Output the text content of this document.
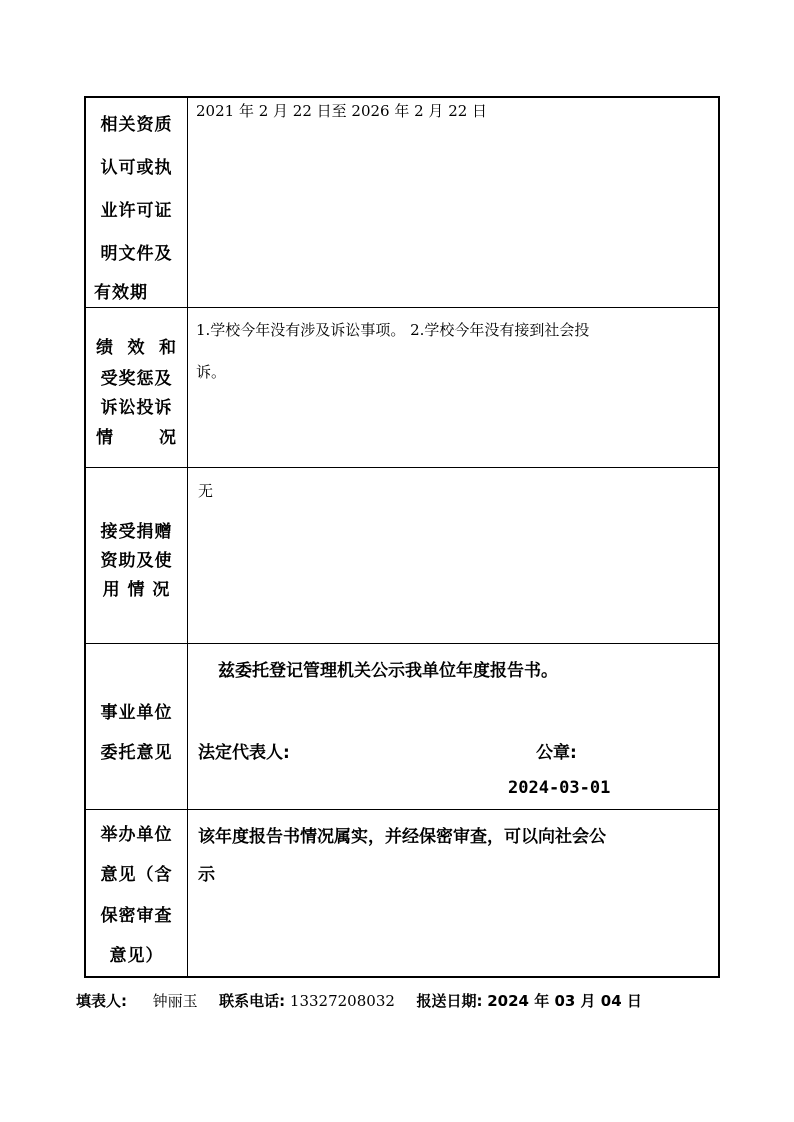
相关资质
认可或执
业许可证
明文件及
有效期
2021 年 2 月 22 日至 2026 年 2 月 22 日
绩 效 和
受奖惩及
诉讼投诉
情	况
1.学校今年没有涉及诉讼事项。 2.学校今年没有接到社会投
诉。
接受捐赠
资助及使
用 情 况
无
事业单位
委托意见
兹委托登记管理机关公示我单位年度报告书。
法定代表人:	公章:
2024-03-01
举办单位
意见（含
保密审查
意见）
该年度报告书情况属实，并经保密审查，可以向社会公
示
填表人: 钟丽玉 联系电话: 13327208032 报送日期: 2024 年 03 月 04 日
